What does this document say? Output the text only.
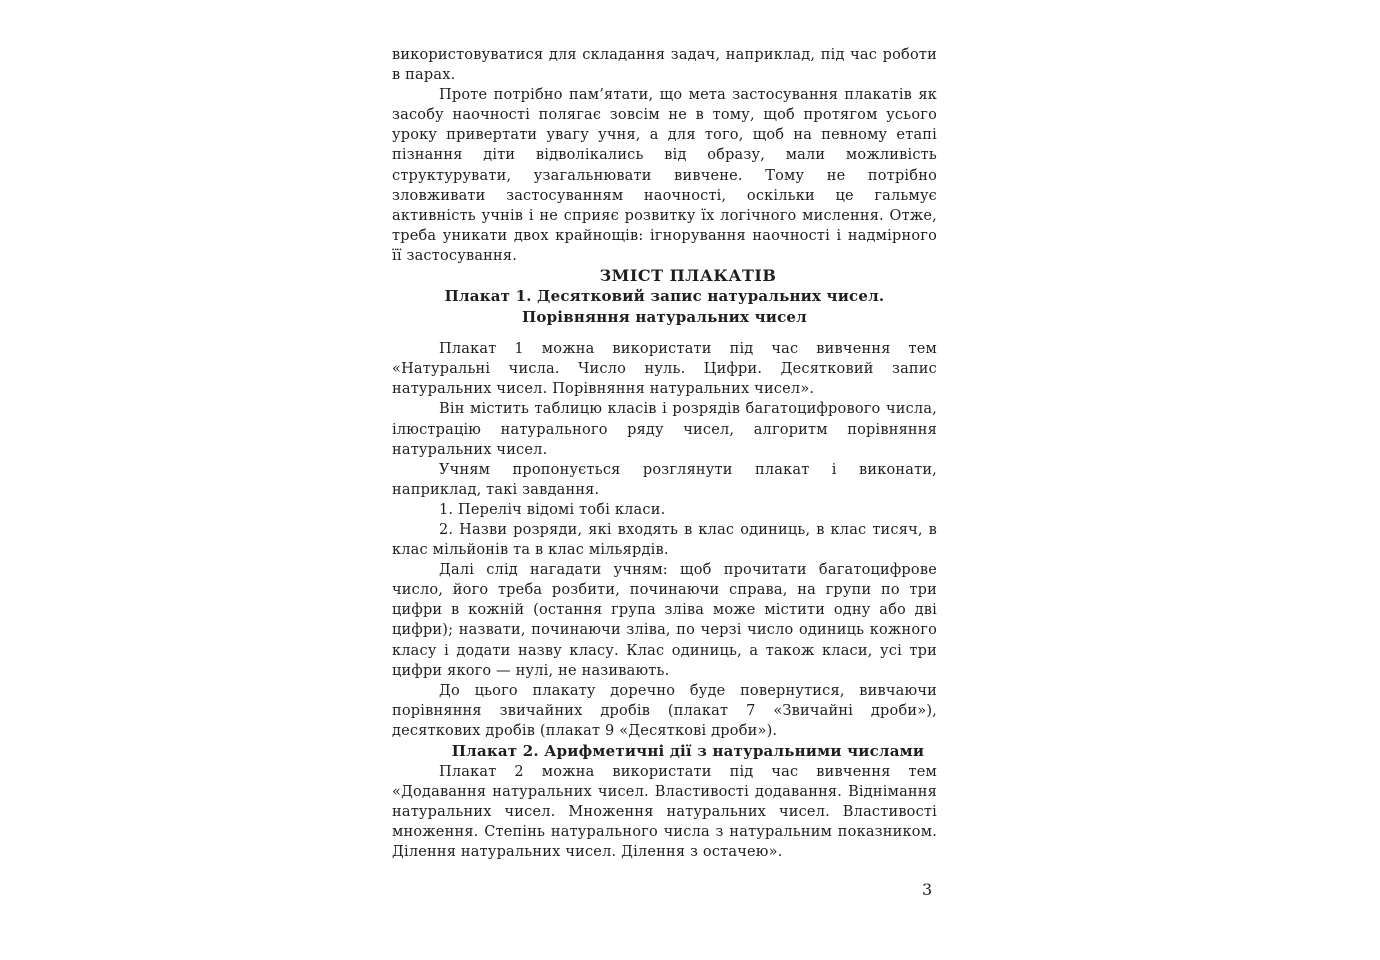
використовуватися для складання задач, наприклад, під час роботи в парах.

Проте потрібно пам’ятати, що мета застосування плакатів як засобу наочності полягає зовсім не в тому, щоб протягом усього уроку привертати увагу учня, а для того, щоб на певному етапі пізнання діти відволікались від образу, мали можливість структурувати, узагальнювати вивчене. Тому не потрібно зловживати застосуванням наочності, оскільки це гальмує активність учнів і не сприяє розвитку їх логічного мислення. Отже, треба уникати двох крайнощів: ігнорування наочності і надмірного її застосування.

ЗМІСТ ПЛАКАТІВ

Плакат 1. Десятковий запис натуральних чисел.
Порівняння натуральних чисел

Плакат 1 можна використати під час вивчення тем «Натуральні числа. Число нуль. Цифри. Десятковий запис натуральних чисел. Порівняння натуральних чисел».

Він містить таблицю класів і розрядів багатоцифрового числа, ілюстрацію натурального ряду чисел, алгоритм порівняння натуральних чисел.

Учням пропонується розглянути плакат і виконати, наприклад, такі завдання.

1. Переліч відомі тобі класи.

2. Назви розряди, які входять в клас одиниць, в клас тисяч, в клас мільйонів та в клас мільярдів.

Далі слід нагадати учням: щоб прочитати багатоцифрове число, його треба розбити, починаючи справа, на групи по три цифри в кожній (остання група зліва може містити одну або дві цифри); назвати, починаючи зліва, по черзі число одиниць кожного класу і додати назву класу. Клас одиниць, а також класи, усі три цифри якого — нулі, не називають.

До цього плакату доречно буде повернутися, вивчаючи порівняння звичайних дробів (плакат 7 «Звичайні дроби»), десяткових дробів (плакат 9 «Десяткові дроби»).

Плакат 2. Арифметичні дії з натуральними числами

Плакат 2 можна використати під час вивчення тем «Додавання натуральних чисел. Властивості додавання. Віднімання натуральних чисел. Множення натуральних чисел. Властивості множення. Степінь натурального числа з натуральним показником. Ділення натуральних чисел. Ділення з остачею».

3
